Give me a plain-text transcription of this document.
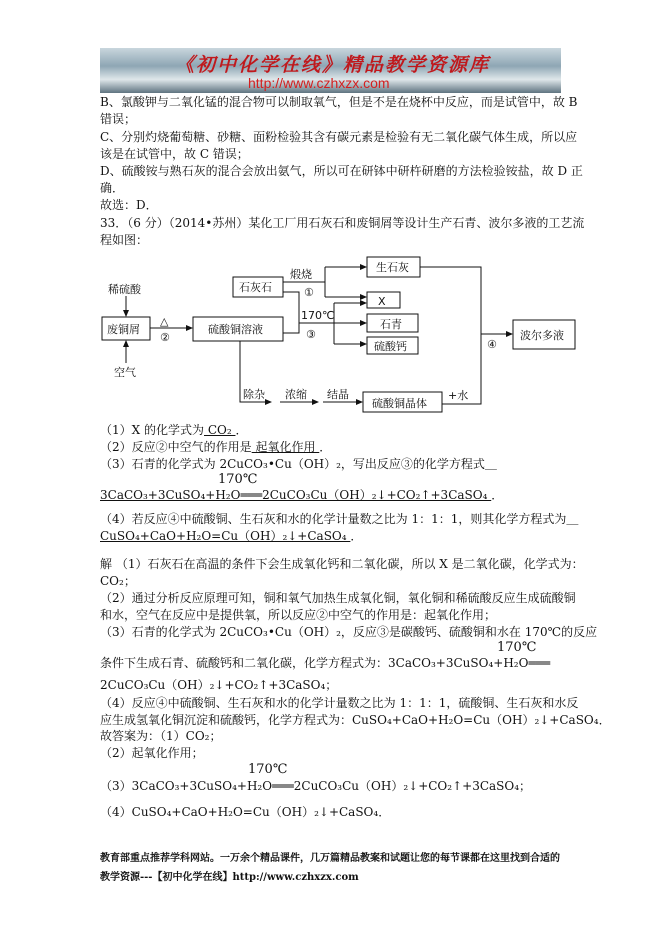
《初中化学在线》精品教学资源库
http://www.czhxzx.com
B、氯酸钾与二氧化锰的混合物可以制取氧气，但是不是在烧杯中反应，而是试管中，故 B
错误；
C、分别灼烧葡萄糖、砂糖、面粉检验其含有碳元素是检验有无二氧化碳气体生成，所以应
该是在试管中，故 C 错误；
D、硫酸铵与熟石灰的混合会放出氨气，所以可在研钵中研杵研磨的方法检验铵盐，故 D 正
确．
故选：D．
33．（6 分）（2014•苏州）某化工厂用石灰石和废铜屑等设计生产石青、波尔多液的工艺流
程如图：
稀硫酸
废铜屑
空气
△
②
硫酸铜溶液
石灰石
煅烧
①
生石灰
X
170℃
③
石青
硫酸钙	④
波尔多液
除杂 浓缩 结晶
硫酸铜晶体
+水
（1）X 的化学式为 CO₂ ．
（2）反应②中空气的作用是 起氧化作用 ．
（3）石青的化学式为 2CuCO₃•Cu（OH）₂，写出反应③的化学方程式＿
170℃
3CaCO₃+3CuSO₄+H₂O═══2CuCO₃Cu（OH）₂↓+CO₂↑+3CaSO₄ ．
（4）若反应④中硫酸铜、生石灰和水的化学计量数之比为 1：1：1，则其化学方程式为＿
CuSO₄+CaO+H₂O=Cu（OH）₂↓+CaSO₄ ．
解 （1）石灰石在高温的条件下会生成氧化钙和二氧化碳，所以 X 是二氧化碳，化学式为：
CO₂；
（2）通过分析反应原理可知，铜和氧气加热生成氧化铜，氧化铜和稀硫酸反应生成硫酸铜
和水，空气在反应中是提供氧，所以反应②中空气的作用是：起氧化作用；
（3）石青的化学式为 2CuCO₃•Cu（OH）₂，反应③是碳酸钙、硫酸铜和水在 170℃的反应
170℃
条件下生成石青、硫酸钙和二氧化碳，化学方程式为：3CaCO₃+3CuSO₄+H₂O═══
2CuCO₃Cu（OH）₂↓+CO₂↑+3CaSO₄；
（4）反应④中硫酸铜、生石灰和水的化学计量数之比为 1：1：1，硫酸铜、生石灰和水反
应生成氢氧化铜沉淀和硫酸钙，化学方程式为：CuSO₄+CaO+H₂O=Cu（OH）₂↓+CaSO₄．
故答案为：（1）CO₂；
（2）起氧化作用；
170℃
（3）3CaCO₃+3CuSO₄+H₂O═══2CuCO₃Cu（OH）₂↓+CO₂↑+3CaSO₄；
（4）CuSO₄+CaO+H₂O=Cu（OH）₂↓+CaSO₄．
教育部重点推荐学科网站。一万余个精品课件，几万篇精品教案和试题让您的每节课都在这里找到合适的
教学资源---【初中化学在线】http://www.czhxzx.com
